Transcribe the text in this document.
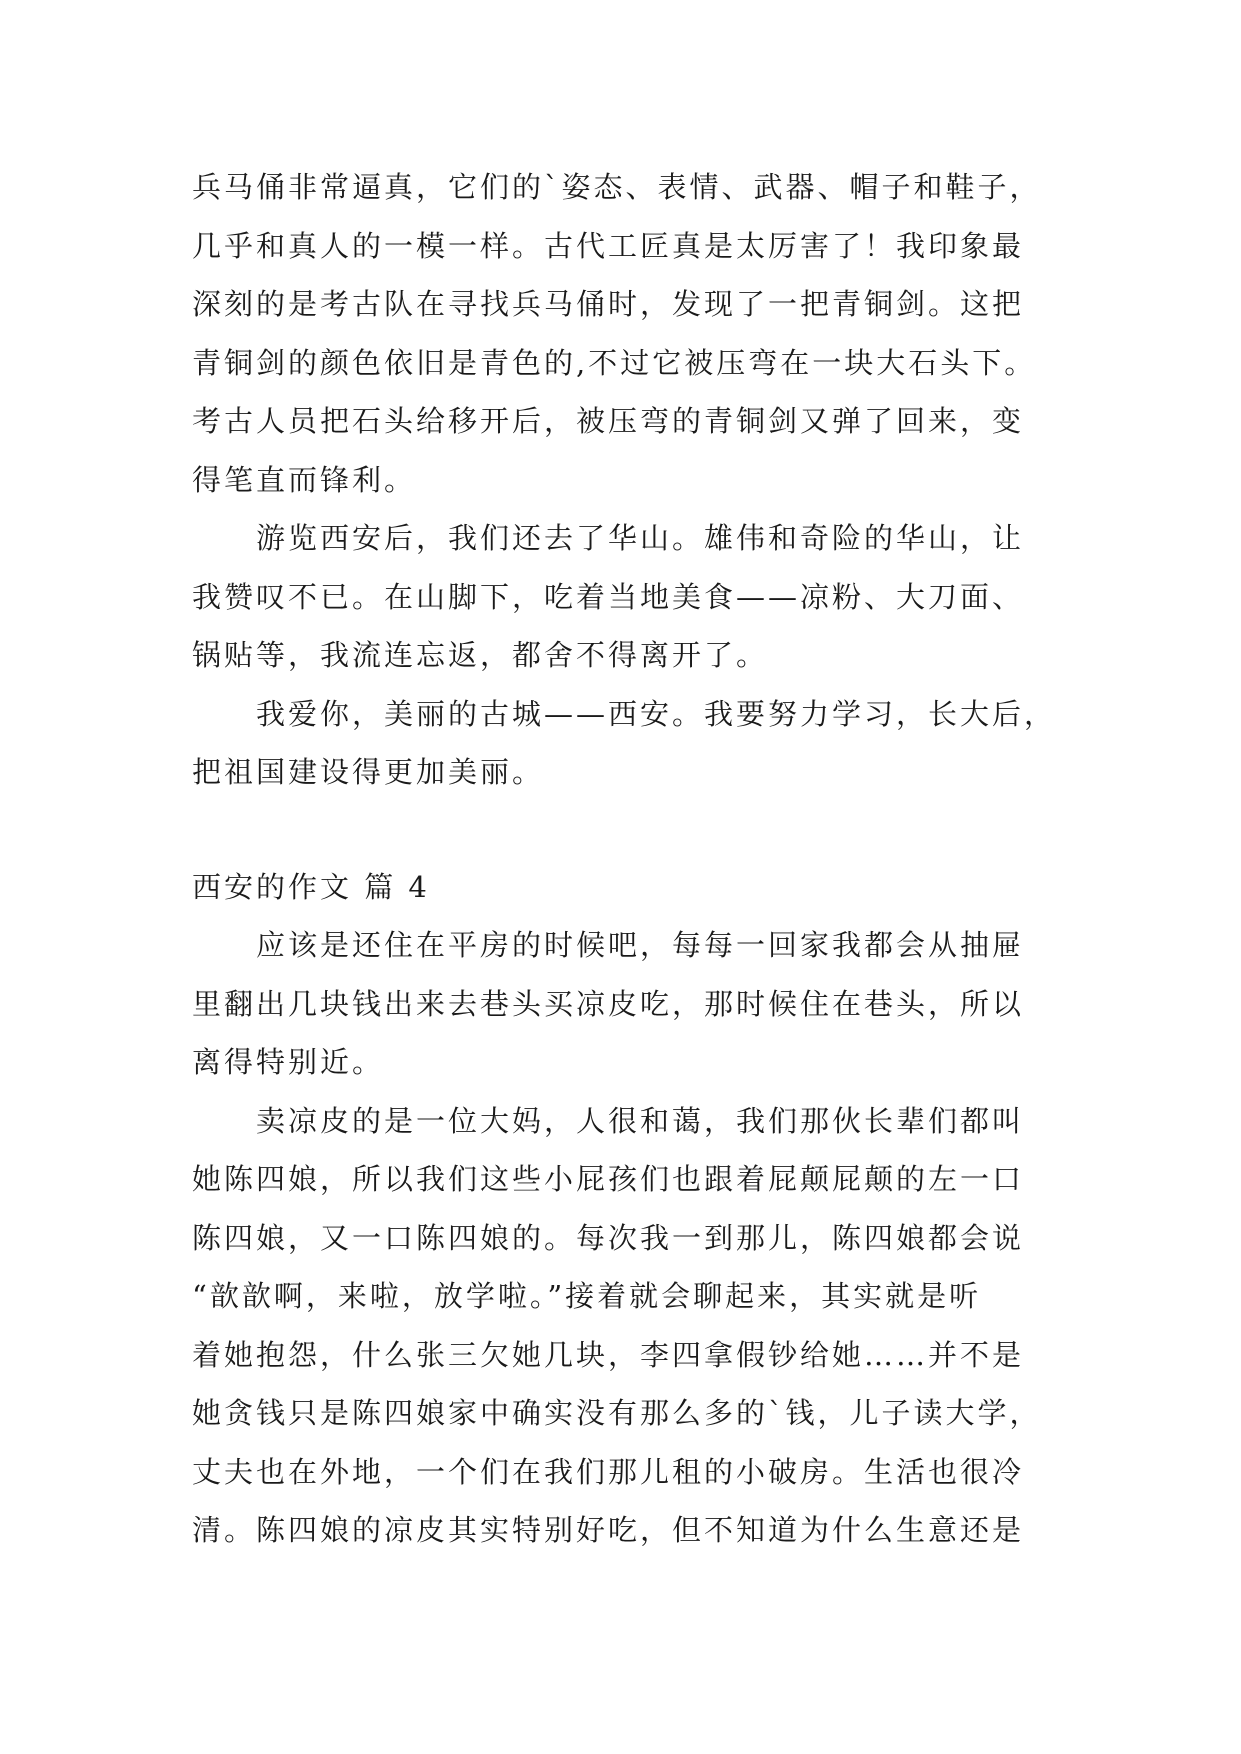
兵马俑非常逼真，它们的`姿态、表情、武器、帽子和鞋子，
几乎和真人的一模一样。古代工匠真是太厉害了！我印象最
深刻的是考古队在寻找兵马俑时，发现了一把青铜剑。这把
青铜剑的颜色依旧是青色的,不过它被压弯在一块大石头下。
考古人员把石头给移开后，被压弯的青铜剑又弹了回来，变
得笔直而锋利。
　　游览西安后，我们还去了华山。雄伟和奇险的华山，让
我赞叹不已。在山脚下，吃着当地美食——凉粉、大刀面、
锅贴等，我流连忘返，都舍不得离开了。
　　我爱你，美丽的古城——西安。我要努力学习，长大后，
把祖国建设得更加美丽。
西安的作文 篇 4
　　应该是还住在平房的时候吧，每每一回家我都会从抽屉
里翻出几块钱出来去巷头买凉皮吃，那时候住在巷头，所以
离得特别近。
　　卖凉皮的是一位大妈，人很和蔼，我们那伙长辈们都叫
她陈四娘，所以我们这些小屁孩们也跟着屁颠屁颠的左一口
陈四娘，又一口陈四娘的。每次我一到那儿，陈四娘都会说
“歆歆啊，来啦，放学啦。”接着就会聊起来，其实就是听
着她抱怨，什么张三欠她几块，李四拿假钞给她……并不是
她贪钱只是陈四娘家中确实没有那么多的`钱，儿子读大学，
丈夫也在外地，一个们在我们那儿租的小破房。生活也很冷
清。陈四娘的凉皮其实特别好吃，但不知道为什么生意还是
